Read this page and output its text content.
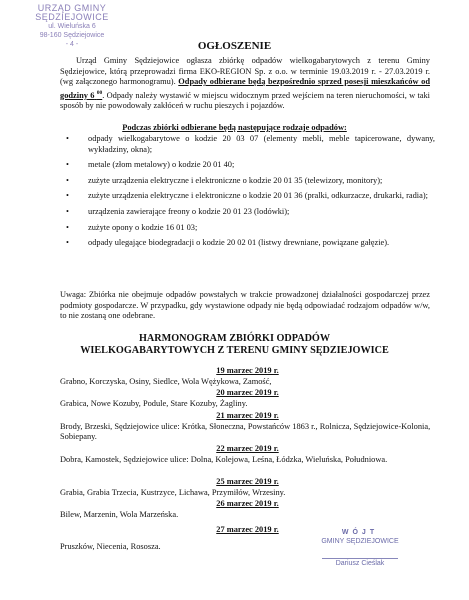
URZĄD GMINY
SĘDZIEJOWICE
ul. Wieluńska 6
98-160 Sędziejowice
- 4 -	OGŁOSZENIE
Urząd Gminy Sędziejowice ogłasza zbiórkę odpadów wielkogabarytowych z terenu Gminy Sędziejowice, którą przeprowadzi firma EKO-REGION Sp. z o.o. w terminie 19.03.2019 r. - 27.03.2019 r. (wg załączonego harmonogramu). Odpady odbierane będą bezpośrednio sprzed posesji mieszkańców od godziny 6 $^{00}$. Odpady należy wystawić w miejscu widocznym przed wejściem na teren nieruchomości, w taki sposób by nie powodowały zakłóceń w ruchu pieszych i pojazdów.
Podczas zbiórki odbierane będą następujące rodzaje odpadów:
• odpady wielkogabarytowe o kodzie 20 03 07 (elementy mebli, meble tapicerowane, dywany, wykładziny, okna);
• metale (złom metalowy) o kodzie 20 01 40;
• zużyte urządzenia elektryczne i elektroniczne o kodzie 20 01 35 (telewizory, monitory);
• zużyte urządzenia elektryczne i elektroniczne o kodzie 20 01 36 (pralki, odkurzacze, drukarki, radia);
• urządzenia zawierające freony o kodzie 20 01 23 (lodówki);
• zużyte opony o kodzie 16 01 03;
• odpady ulegające biodegradacji o kodzie 20 02 01 (listwy drewniane, powiązane gałęzie).
Uwaga: Zbiórka nie obejmuje odpadów powstałych w trakcie prowadzonej działalności gospodarczej przez podmioty gospodarcze. W przypadku, gdy wystawione odpady nie będą odpowiadać rodzajom odpadów w/w, to nie zostaną one odebrane.
HARMONOGRAM ZBIÓRKI ODPADÓW
WIELKOGABARYTOWYCH Z TERENU GMINY SĘDZIEJOWICE
19 marzec 2019 r.
Grabno, Korczyska, Osiny, Siedlce, Wola Wężykowa, Zamość,
20 marzec 2019 r.
Grabica, Nowe Kozuby, Podule, Stare Kozuby, Żagliny.
21 marzec 2019 r.
Brody, Brzeski, Sędziejowice ulice: Krótka, Słoneczna, Powstańców 1863 r., Rolnicza, Sędziejowice-Kolonia, Sobiepany.
22 marzec 2019 r.
Dobra, Kamostek, Sędziejowice ulice: Dolna, Kolejowa, Leśna, Łódzka, Wieluńska, Południowa.
25 marzec 2019 r.
Grabia, Grabia Trzecia, Kustrzyce, Lichawa, Przymiłów, Wrzesiny.
26 marzec 2019 r.
Bilew, Marzenin, Wola Marzeńska.
27 marzec 2019 r.
Pruszków, Niecenia, Rososza.
WÓJT
GMINY SĘDZIEJOWICE
Dariusz Cieślak
